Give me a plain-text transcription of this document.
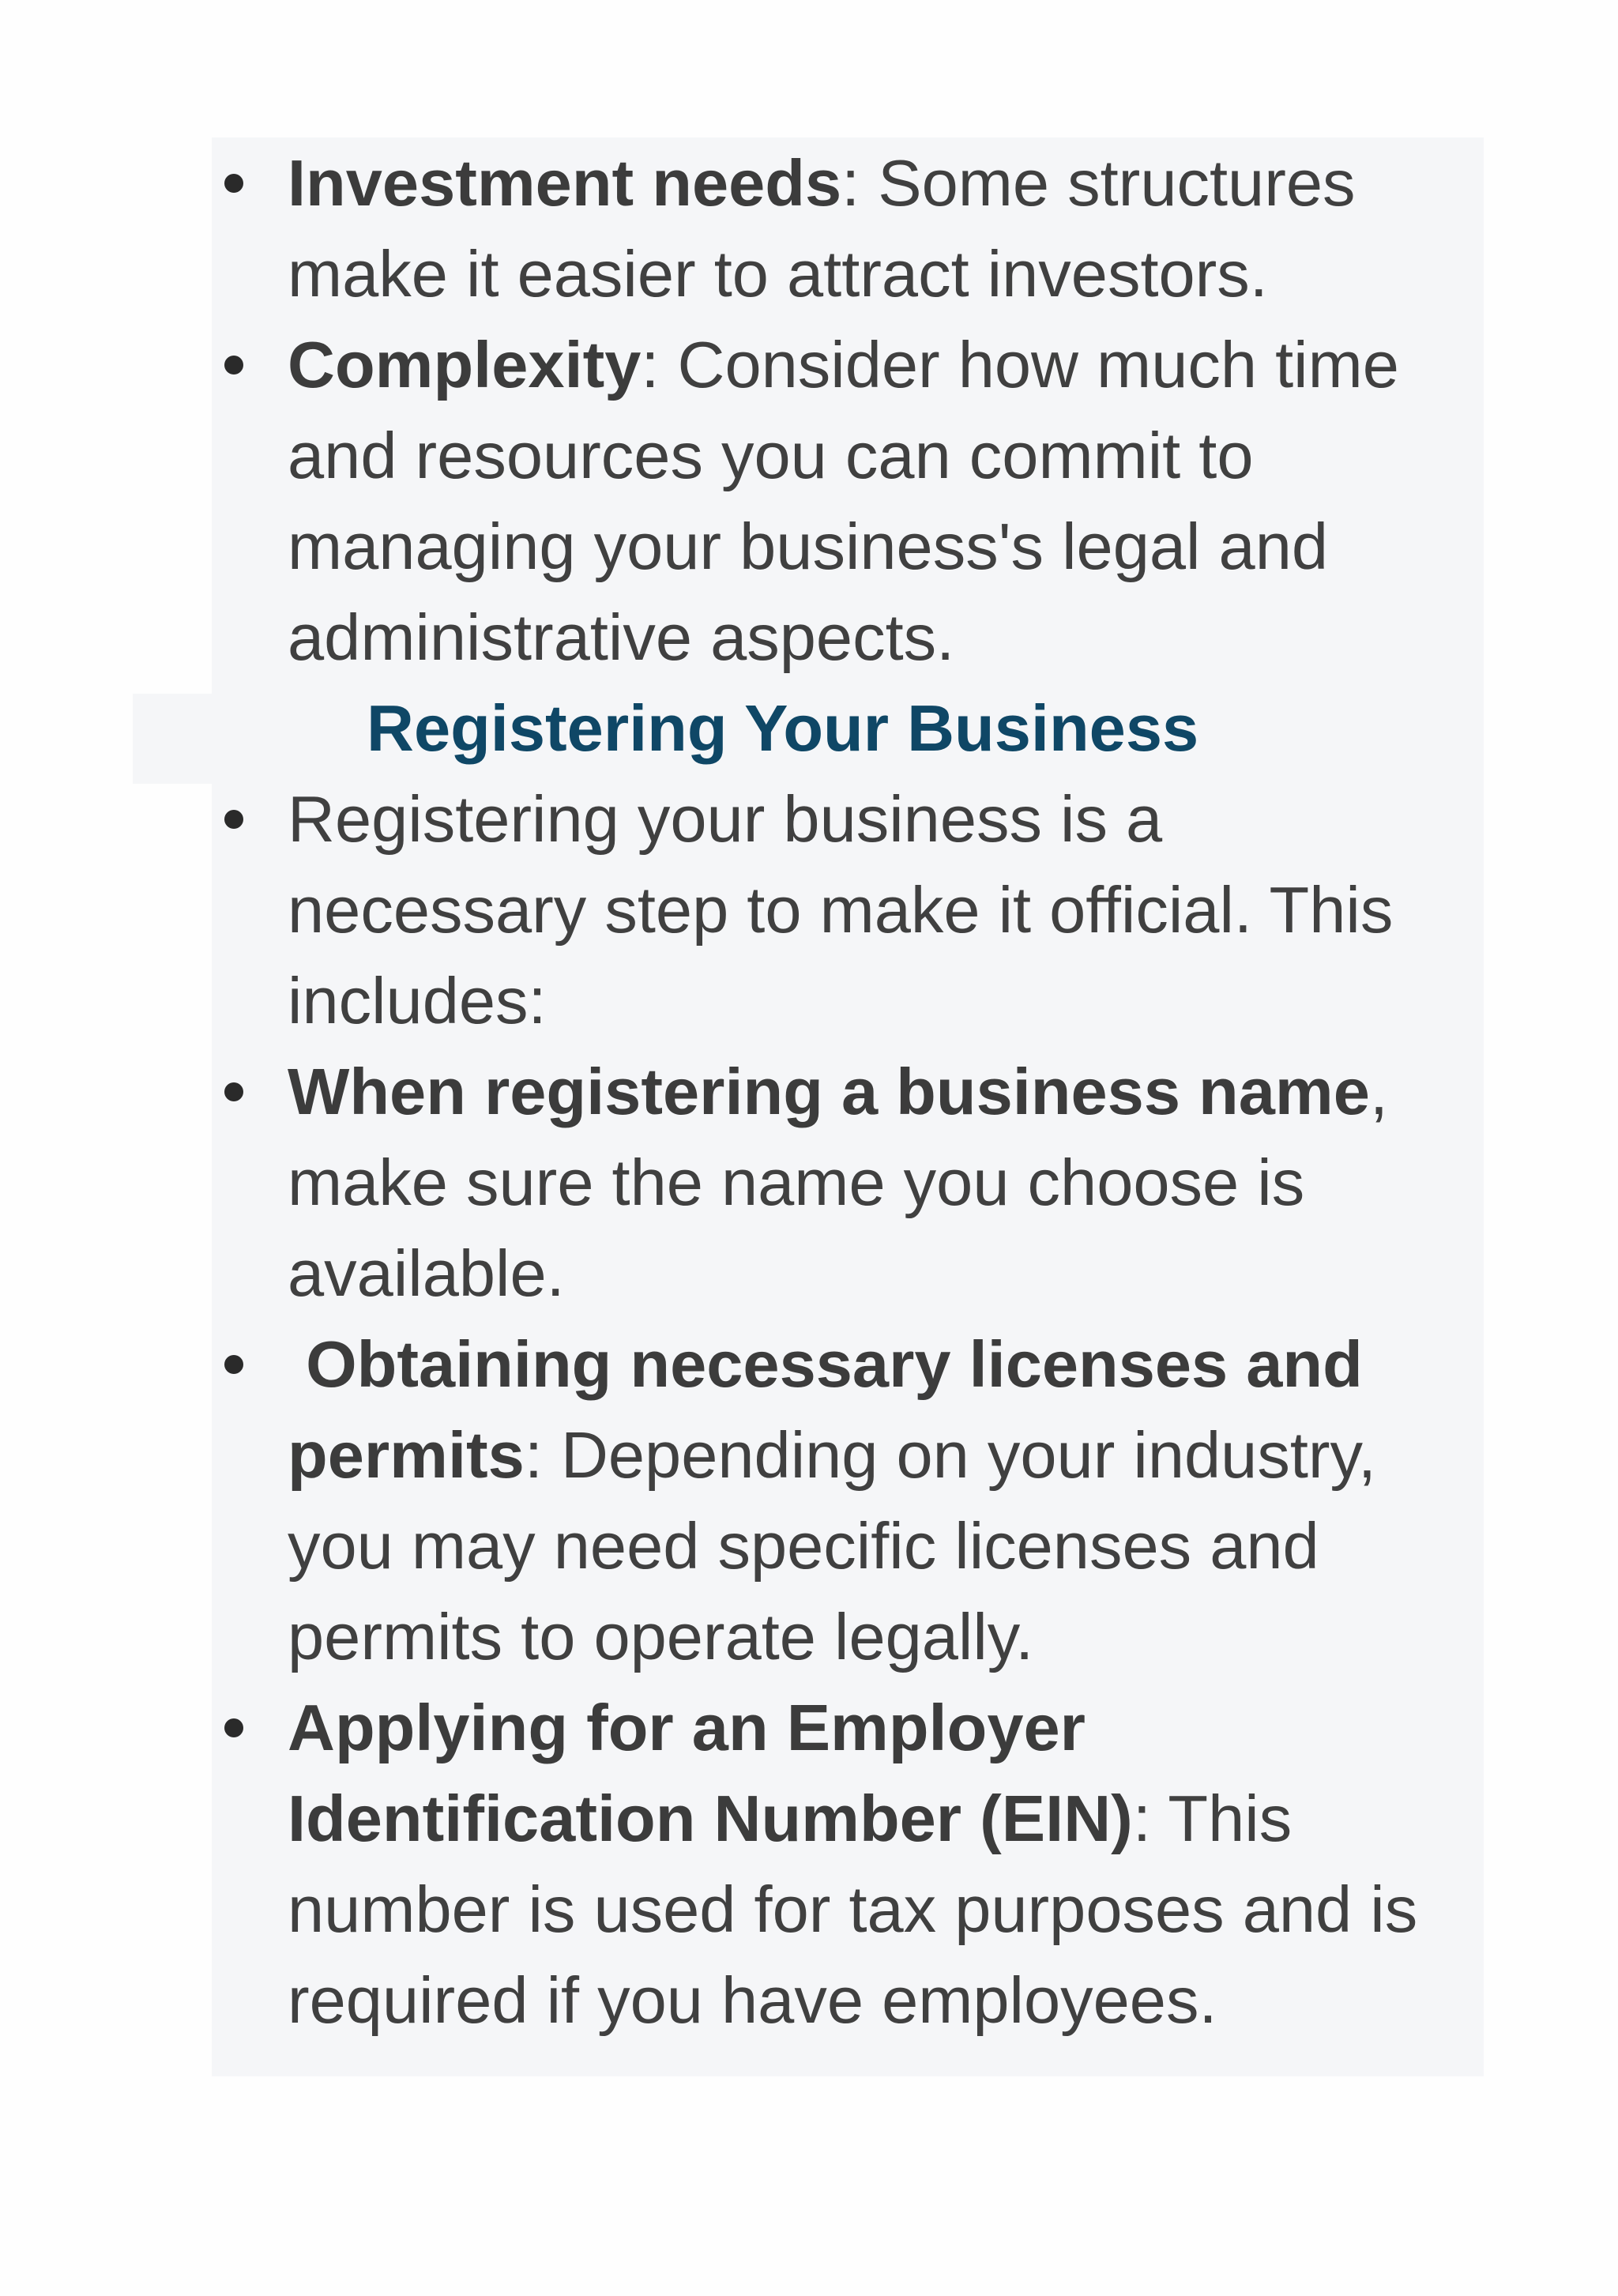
Investment needs: Some structures make it easier to attract investors.
Complexity: Consider how much time and resources you can commit to managing your business's legal and administrative aspects.
Registering Your Business
Registering your business is a necessary step to make it official. This includes:
When registering a business name, make sure the name you choose is available.
Obtaining necessary licenses and permits: Depending on your industry, you may need specific licenses and permits to operate legally.
Applying for an Employer Identification Number (EIN): This number is used for tax purposes and is required if you have employees.
